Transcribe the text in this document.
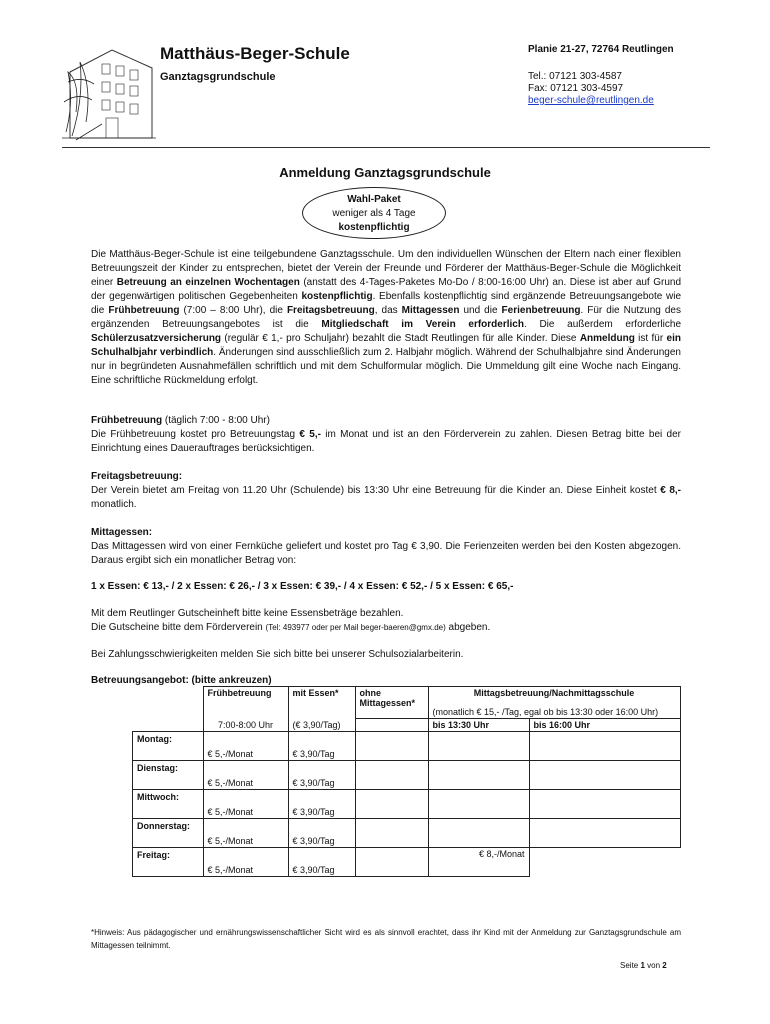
Matthäus-Beger-Schule
Ganztagsgrundschule
Planie 21-27, 72764 Reutlingen
Tel.: 07121 303-4587
Fax: 07121 303-4597
beger-schule@reutlingen.de
Anmeldung Ganztagsgrundschule
Wahl-Paket
weniger als 4 Tage
kostenpflichtig
Die Matthäus-Beger-Schule ist eine teilgebundene Ganztagsschule. Um den individuellen Wünschen der Eltern nach einer flexiblen Betreuungszeit der Kinder zu entsprechen, bietet der Verein der Freunde und Förderer der Matthäus-Beger-Schule die Möglichkeit einer Betreuung an einzelnen Wochentagen (anstatt des 4-Tages-Paketes Mo-Do / 8:00-16:00 Uhr) an. Diese ist aber auf Grund der gegenwärtigen politischen Gegebenheiten kostenpflichtig. Ebenfalls kostenpflichtig sind ergänzende Betreuungsangebote wie die Frühbetreuung (7:00 – 8:00 Uhr), die Freitagsbetreuung, das Mittagessen und die Ferienbetreuung. Für die Nutzung des ergänzenden Betreuungsangebotes ist die Mitgliedschaft im Verein erforderlich. Die außerdem erforderliche Schülerzusatzversicherung (regulär € 1,- pro Schuljahr) bezahlt die Stadt Reutlingen für alle Kinder. Diese Anmeldung ist für ein Schulhalbjahr verbindlich. Änderungen sind ausschließlich zum 2. Halbjahr möglich. Während der Schulhalbjahre sind Änderungen nur in begründeten Ausnahmefällen schriftlich und mit dem Schulformular möglich. Die Ummeldung gilt eine Woche nach Eingang. Eine schriftliche Rückmeldung erfolgt.
Frühbetreuung (täglich 7:00 - 8:00 Uhr)
Die Frühbetreuung kostet pro Betreuungstag € 5,- im Monat und ist an den Förderverein zu zahlen. Diesen Betrag bitte bei der Einrichtung eines Dauerauftrages berücksichtigen.
Freitagsbetreuung:
Der Verein bietet am Freitag von 11.20 Uhr (Schulende) bis 13:30 Uhr eine Betreuung für die Kinder an. Diese Einheit kostet € 8,- monatlich.
Mittagessen:
Das Mittagessen wird von einer Fernküche geliefert und kostet pro Tag € 3,90. Die Ferienzeiten werden bei den Kosten abgezogen. Daraus ergibt sich ein monatlicher Betrag von:
1 x Essen: € 13,- / 2 x Essen: € 26,- / 3 x Essen: € 39,- / 4 x Essen: € 52,- / 5 x Essen: € 65,-
Mit dem Reutlinger Gutscheinheft bitte keine Essensbeträge bezahlen.
Die Gutscheine bitte dem Förderverein (Tel: 493977 oder per Mail beger-baeren@gmx.de) abgeben.
Bei Zahlungsschwierigkeiten melden Sie sich bitte bei unserer Schulsozialarbeiterin.
Betreuungsangebot: (bitte ankreuzen)
	Frühbetreuung	mit Essen*	ohne Mittagessen*	Mittagsbetreuung/Nachmittagsschule	
				(monatlich € 15,- /Tag, egal ob bis 13:30 oder 16:00 Uhr)	
	7:00-8:00 Uhr	(€ 3,90/Tag)		bis 13:30 Uhr	bis 16:00 Uhr
Montag:	€ 5,-/Monat	€ 3,90/Tag			
Dienstag:	€ 5,-/Monat	€ 3,90/Tag			
Mittwoch:	€ 5,-/Monat	€ 3,90/Tag			
Donnerstag:	€ 5,-/Monat	€ 3,90/Tag			
Freitag:	€ 5,-/Monat	€ 3,90/Tag		€ 8,-/Monat	
*Hinweis: Aus pädagogischer und ernährungswissenschaftlicher Sicht wird es als sinnvoll erachtet, dass ihr Kind mit der Anmeldung zur Ganztagsgrundschule am Mittagessen teilnimmt.
Seite 1 von 2
